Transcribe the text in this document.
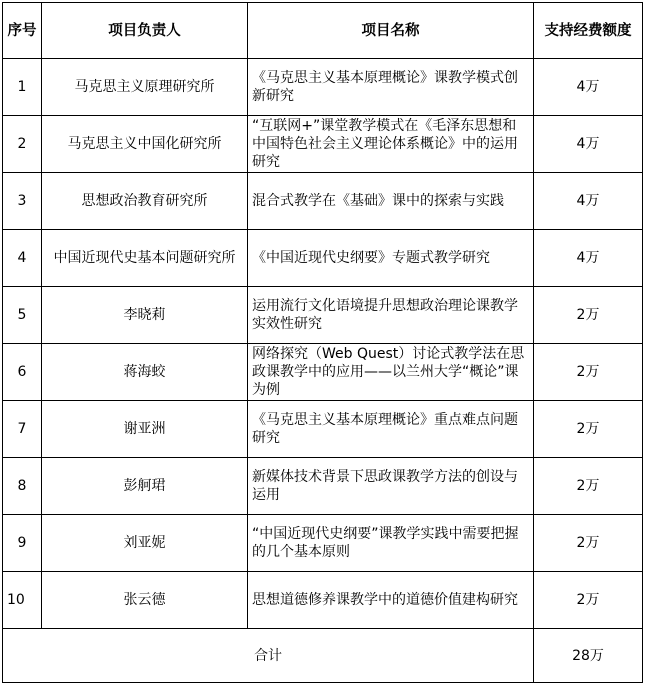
序号	项目负责人	项目名称	支持经费额度
1	马克思主义原理研究所	《马克思主义基本原理概论》课教学模式创新研究	4万
2	马克思主义中国化研究所	“互联网+”课堂教学模式在《毛泽东思想和中国特色社会主义理论体系概论》中的运用研究	4万
3	思想政治教育研究所	混合式教学在《基础》课中的探索与实践	4万
4	中国近现代史基本问题研究所	《中国近现代史纲要》专题式教学研究	4万
5	李晓莉	运用流行文化语境提升思想政治理论课教学实效性研究	2万
6	蒋海蛟	网络探究（Web Quest）讨论式教学法在思政课教学中的应用——以兰州大学“概论”课为例	2万
7	谢亚洲	《马克思主义基本原理概论》重点难点问题研究	2万
8	彭舸珺	新媒体技术背景下思政课教学方法的创设与运用	2万
9	刘亚妮	“中国近现代史纲要”课教学实践中需要把握的几个基本原则	2万
10	张云德	思想道德修养课教学中的道德价值建构研究	2万
合计			28万
